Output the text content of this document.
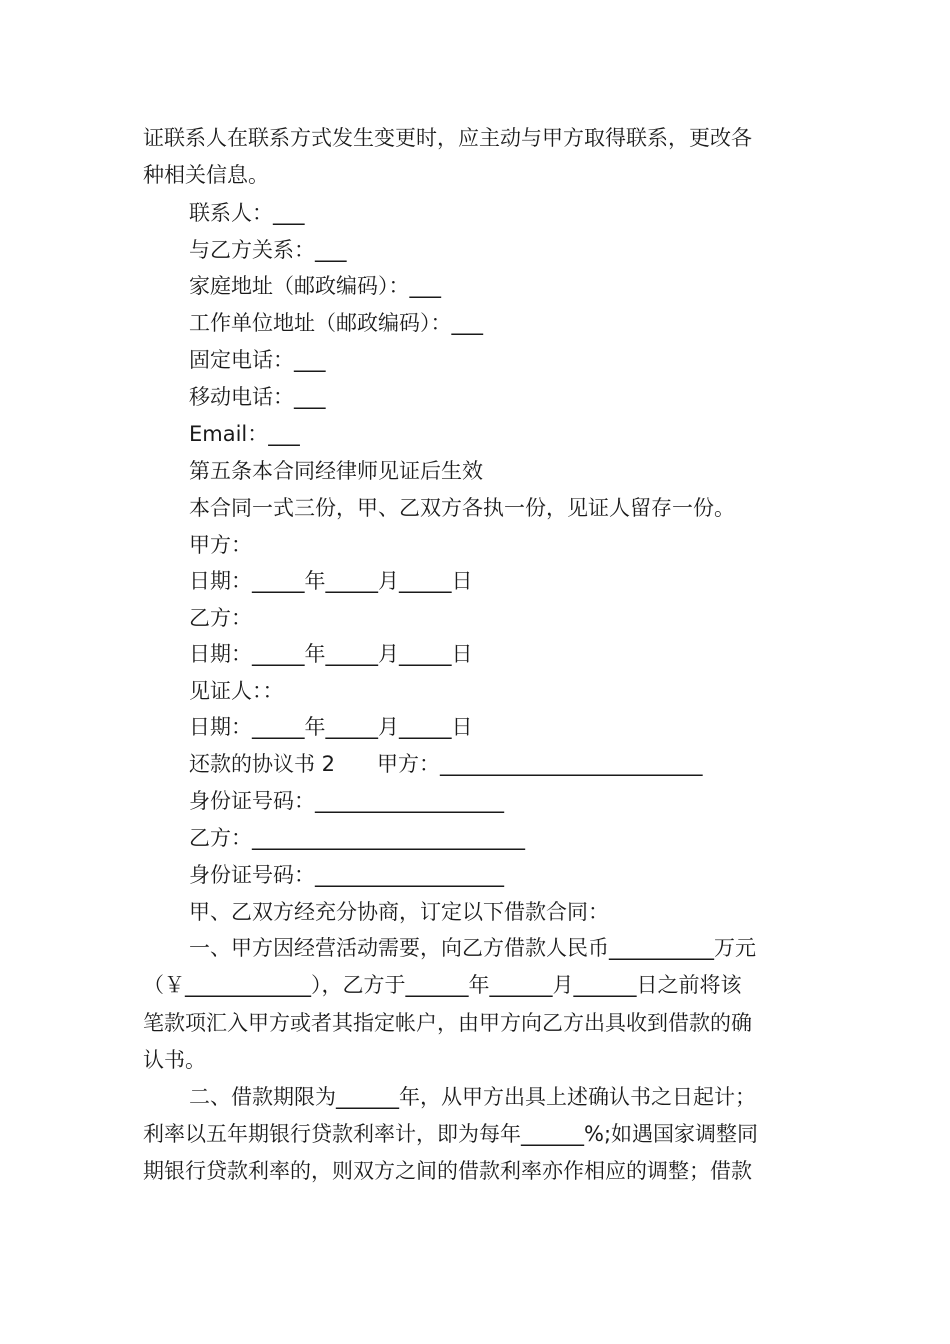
证联系人在联系方式发生变更时，应主动与甲方取得联系，更改各
种相关信息。
联系人：___
与乙方关系：___
家庭地址（邮政编码）：___
工作单位地址（邮政编码）：___
固定电话：___
移动电话：___
Email：___
第五条本合同经律师见证后生效
本合同一式三份，甲、乙双方各执一份，见证人留存一份。
甲方：
日期：_____年_____月_____日
乙方：
日期：_____年_____月_____日
见证人：：
日期：_____年_____月_____日
还款的协议书 2　　甲方：_________________________
身份证号码：__________________
乙方：__________________________
身份证号码：__________________
甲、乙双方经充分协商，订定以下借款合同：
一、甲方因经营活动需要，向乙方借款人民币__________万元
（￥____________），乙方于______年______月______日之前将该
笔款项汇入甲方或者其指定帐户，由甲方向乙方出具收到借款的确
认书。
二、借款期限为______年，从甲方出具上述确认书之日起计；
利率以五年期银行贷款利率计，即为每年______%;如遇国家调整同
期银行贷款利率的，则双方之间的借款利率亦作相应的调整；借款
